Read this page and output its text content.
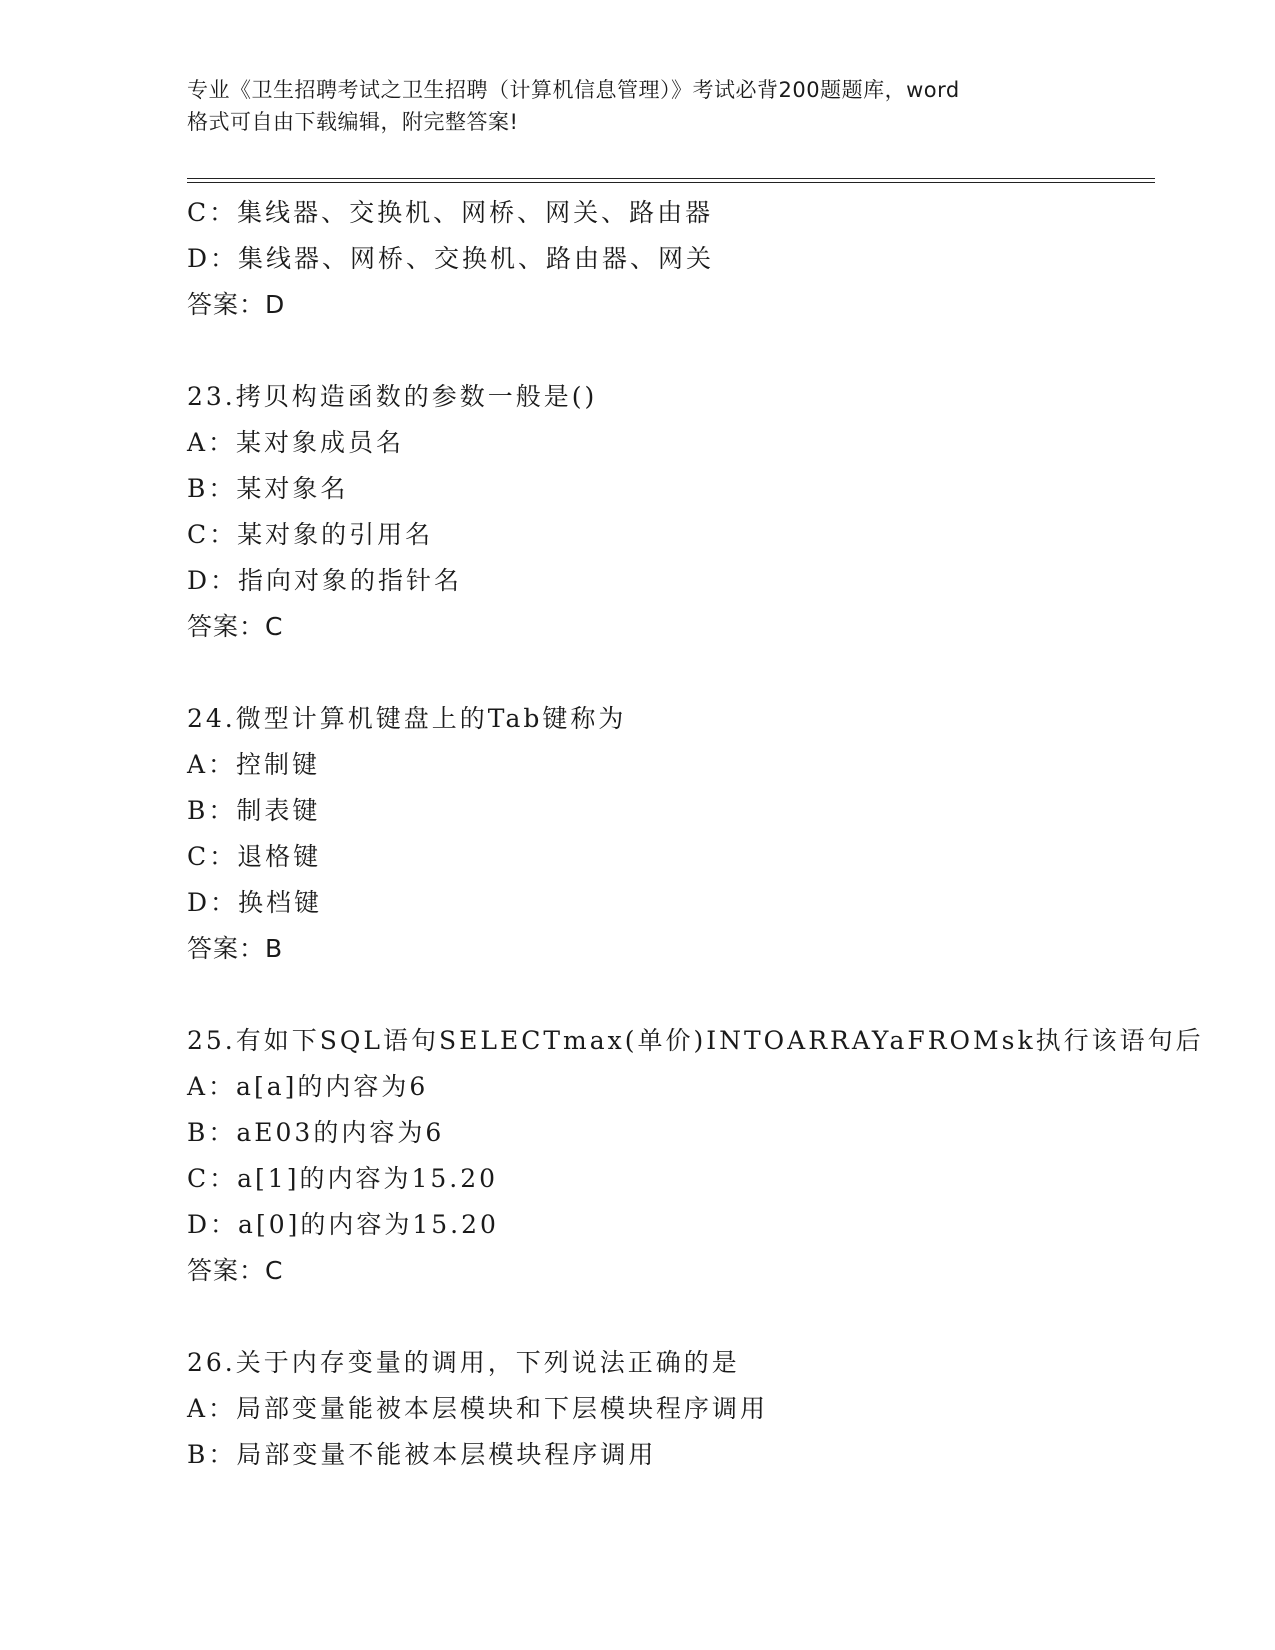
专业《卫生招聘考试之卫生招聘（计算机信息管理）》考试必背200题题库，word
格式可自由下载编辑，附完整答案!
C：集线器、交换机、网桥、网关、路由器
D：集线器、网桥、交换机、路由器、网关
答案：D
23.拷贝构造函数的参数一般是()
A：某对象成员名
B：某对象名
C：某对象的引用名
D：指向对象的指针名
答案：C
24.微型计算机键盘上的Tab键称为
A：控制键
B：制表键
C：退格键
D：换档键
答案：B
25.有如下SQL语句SELECTmax(单价)INTOARRAYaFROMsk执行该语句后
A：a[a]的内容为6
B：aE03的内容为6
C：a[1]的内容为15.20
D：a[0]的内容为15.20
答案：C
26.关于内存变量的调用，下列说法正确的是
A：局部变量能被本层模块和下层模块程序调用
B：局部变量不能被本层模块程序调用
